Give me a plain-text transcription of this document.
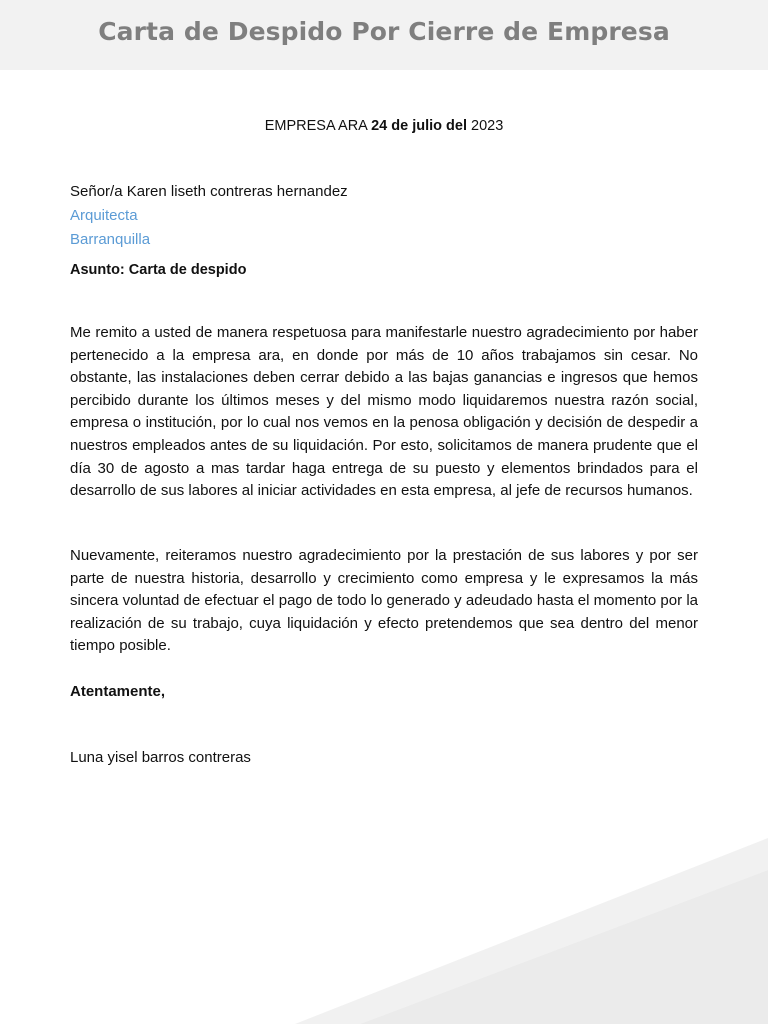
Carta de Despido Por Cierre de Empresa
EMPRESA ARA 24 de julio del 2023
Señor/a Karen liseth contreras hernandez
Arquitecta
Barranquilla
Asunto: Carta de despido

Me remito a usted de manera respetuosa para manifestarle nuestro agradecimiento por haber pertenecido a la empresa ara, en donde por más de 10 años trabajamos sin cesar. No obstante, las instalaciones deben cerrar debido a las bajas ganancias e ingresos que hemos percibido durante los últimos meses y del mismo modo liquidaremos nuestra razón social, empresa o institución, por lo cual nos vemos en la penosa obligación y decisión de despedir a nuestros empleados antes de su liquidación. Por esto, solicitamos de manera prudente que el día 30 de agosto a mas tardar haga entrega de su puesto y elementos brindados para el desarrollo de sus labores al iniciar actividades en esta empresa, al jefe de recursos humanos.

Nuevamente, reiteramos nuestro agradecimiento por la prestación de sus labores y por ser parte de nuestra historia, desarrollo y crecimiento como empresa y le expresamos la más sincera voluntad de efectuar el pago de todo lo generado y adeudado hasta el momento por la realización de su trabajo, cuya liquidación y efecto pretendemos que sea dentro del menor tiempo posible.

Atentamente,
Luna yisel barros contreras
